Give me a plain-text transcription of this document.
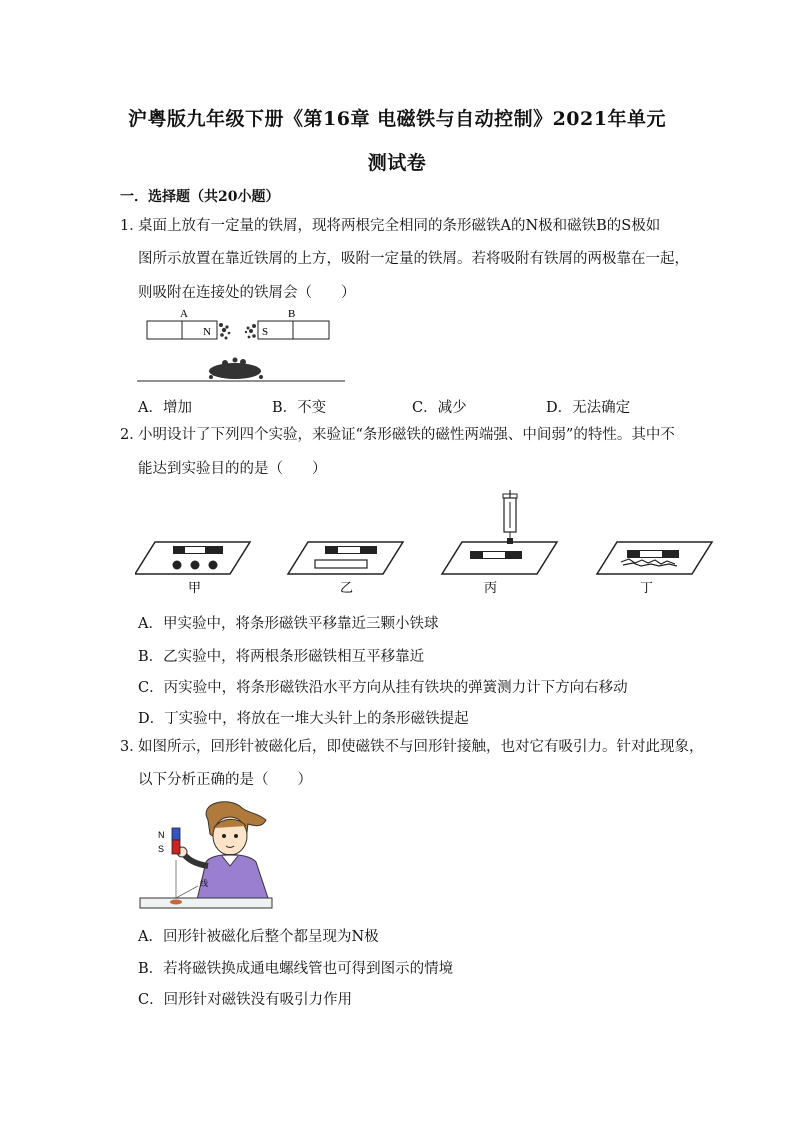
沪粤版九年级下册《第16章 电磁铁与自动控制》2021年单元
测试卷
一．选择题（共20小题）
1．桌面上放有一定量的铁屑，现将两根完全相同的条形磁铁A的N极和磁铁B的S极如
图所示放置在靠近铁屑的上方，吸附一定量的铁屑。若将吸附有铁屑的两极靠在一起，
则吸附在连接处的铁屑会（　　）
A	B
N	S
A．增加	B．不变	C．减少	D．无法确定
2．小明设计了下列四个实验，来验证“条形磁铁的磁性两端强、中间弱”的特性。其中不
能达到实验目的的是（　　）
甲	乙	丙	丁
A．甲实验中，将条形磁铁平移靠近三颗小铁球
B．乙实验中，将两根条形磁铁相互平移靠近
C．丙实验中，将条形磁铁沿水平方向从挂有铁块的弹簧测力计下方向右移动
D．丁实验中，将放在一堆大头针上的条形磁铁提起
3．如图所示，回形针被磁化后，即使磁铁不与回形针接触，也对它有吸引力。针对此现象，
以下分析正确的是（　　）
N
S
线
A．回形针被磁化后整个都呈现为N极
B．若将磁铁换成通电螺线管也可得到图示的情境
C．回形针对磁铁没有吸引力作用
